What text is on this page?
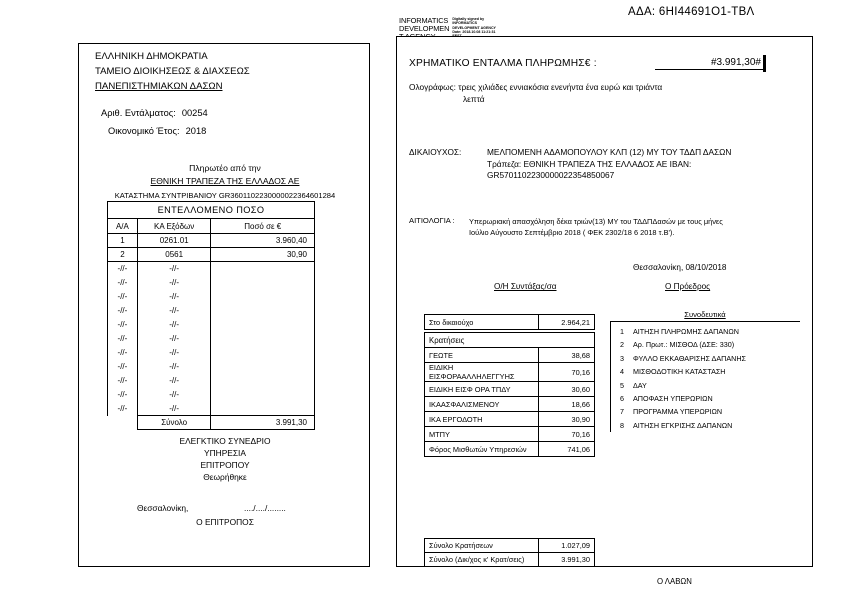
ΑΔΑ: 6ΗΙ44691Ο1-ΤΒΛ
INFORMATICS
DEVELOPMEN
Digitally signed by
INFORMATICS
DEVELOPMENT AGENCY
Date: 2018.10.08 11:21:31
ΕΛΛΗΝΙΚΗ ΔΗΜΟΚΡΑΤΙΑ
ΤΑΜΕΙΟ ΔΙΟΙΚΗΣΕΩΣ & ΔΙΑΧΣΕΩΣ
ΠΑΝΕΠΙΣΤΗΜΙΑΚΩΝ ΔΑΣΩΝ
Αριθ. Εντάλματος: 00254
Οικονομικό Έτος: 2018
Πληρωτέο από την
ΕΘΝΙΚΗ ΤΡΑΠΕΖΑ ΤΗΣ ΕΛΛΑΔΟΣ ΑΕ
ΚΑΤΑΣΤΗΜΑ ΣΥΝΤΡΙΒΑΝΙΟΥ GR3601102230000022364601284
ΕΝΤΕΛΛΟΜΕΝΟ ΠΟΣΟ		
Α/Α	ΚΑ Εξόδων	Ποσό σε €
1	0261.01	3.960,40
2	0561	30,90
-//-	-//-	
-//-	-//-	
-//-	-//-	
-//-	-//-	
-//-	-//-	
-//-	-//-	
-//-	-//-	
-//-	-//-	
-//-	-//-	
-//-	-//-	
-//-	-//-	
	Σύνολο	3.991,30
ΕΛΕΓΚΤΙΚΟ ΣΥΝΕΔΡΙΟ
ΥΠΗΡΕΣΙΑ
ΕΠΙΤΡΟΠΟΥ
Θεωρήθηκε
Θεσσαλονίκη,	..../..../........
Ο ΕΠΙΤΡΟΠΟΣ
ΧΡΗΜΑΤΙΚΟ ΕΝΤΑΛΜΑ ΠΛΗΡΩΜΗΣ€ :	#3.991,30#
Ολογράφως: τρεις χιλιάδες εννιακόσια ενενήντα ένα ευρώ και τριάντα
λεπτά
ΔΙΚΑΙΟΥΧΟΣ:	ΜΕΛΠΟΜΕΝΗ ΑΔΑΜΟΠΟΥΛΟΥ ΚΛΠ (12) ΜΥ ΤΟΥ ΤΔΔΠ ΔΑΣΩΝ
Τράπεζα: ΕΘΝΙΚΗ ΤΡΑΠΕΖΑ ΤΗΣ ΕΛΛΑΔΟΣ ΑΕ ΙΒΑΝ:
GR5701102230000022354850067
ΑΙΤΙΟΛΟΓΙΑ : Υπερωριακή απασχόληση δέκα τριών(13) ΜΥ του ΤΔΔΠΔασών με τους μήνες
Ιούλιο Αύγουστο Σεπτέμβριο 2018 ( ΦΕΚ 2302/18 6 2018 τ.Β').
Θεσσαλονίκη, 08/10/2018
Ο/Η Συντάξας/σα	Ο Πρόεδρος
Στο δικαιούχο	2.964,21

Κρατήσεις	
ΓΕΩΤΕ	38,68
ΕΙΔΙΚΗ ΕΙΣΦΟΡΑΑΛΛΗΛΕΓΓΥΗΣ	70,16
ΕΙΔΙΚΗ ΕΙΣΦ ΟΡΑ ΤΠΔΥ	30,60
ΙΚΑΑΣΦΑΛΙΣΜΕΝΟΥ	18,66
ΙΚΑ ΕΡΓΟΔΟΤΗ	30,90
ΜΤΠΥ	70,16
Φόρος Μισθωτών Υπηρεσιών	741,06
Σύνολο Κρατήσεων	1.027,09
Σύνολο (Δικ/χος κ' Κρατ/σεις)	3.991,30
Συνοδευτικά
1	ΑΙΤΗΣΗ ΠΛΗΡΩΜΗΣ ΔΑΠΑΝΩΝ
2	Αρ. Πρωτ.: ΜΙΣΘΟΔ (ΔΣΕ: 330)
3	ΦΥΛΛΟ ΕΚΚΑΘΑΡΙΣΗΣ ΔΑΠΑΝΗΣ
4	ΜΙΣΘΟΔΟΤΙΚΗ ΚΑΤΑΣΤΑΣΗ
5	ΔΑΥ
6	ΑΠΟΦΑΣΗ ΥΠΕΡΩΡΙΩΝ
7	ΠΡΟΓΡΑΜΜΑ ΥΠΕΡΩΡΙΩΝ
8	ΑΙΤΗΣΗ ΕΓΚΡΙΣΗΣ ΔΑΠΑΝΩΝ
Ο ΛΑΒΩΝ
